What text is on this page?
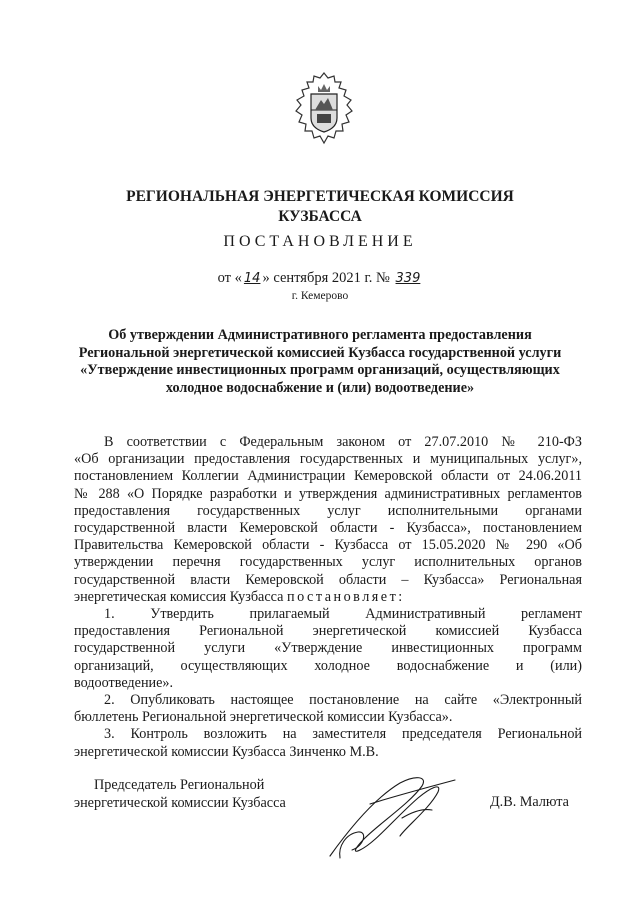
РЕГИОНАЛЬНАЯ ЭНЕРГЕТИЧЕСКАЯ КОМИССИЯ
КУЗБАССА
ПОСТАНОВЛЕНИЕ
от « 14 » сентября 2021 г. № 339
г. Кемерово
Об утверждении Административного регламента предоставления
Региональной энергетической комиссией Кузбасса государственной услуги
«Утверждение инвестиционных программ организаций, осуществляющих
холодное водоснабжение и (или) водоотведение»
В соответствии с Федеральным законом от 27.07.2010 № 210-ФЗ
«Об организации предоставления государственных и муниципальных услуг»,
постановлением Коллегии Администрации Кемеровской области от 24.06.2011
№ 288 «О Порядке разработки и утверждения административных регламентов
предоставления государственных услуг исполнительными органами
государственной власти Кемеровской области - Кузбасса», постановлением
Правительства Кемеровской области - Кузбасса от 15.05.2020 № 290 «Об
утверждении перечня государственных услуг исполнительных органов
государственной власти Кемеровской области – Кузбасса» Региональная
энергетическая комиссия Кузбасса постановляет:
1. Утвердить прилагаемый Административный регламент
предоставления Региональной энергетической комиссией Кузбасса
государственной услуги «Утверждение инвестиционных программ
организаций, осуществляющих холодное водоснабжение и (или)
водоотведение».
2. Опубликовать настоящее постановление на сайте «Электронный
бюллетень Региональной энергетической комиссии Кузбасса».
3. Контроль возложить на заместителя председателя Региональной
энергетической комиссии Кузбасса Зинченко М.В.
Председатель Региональной
энергетической комиссии Кузбасса	Д.В. Малюта
